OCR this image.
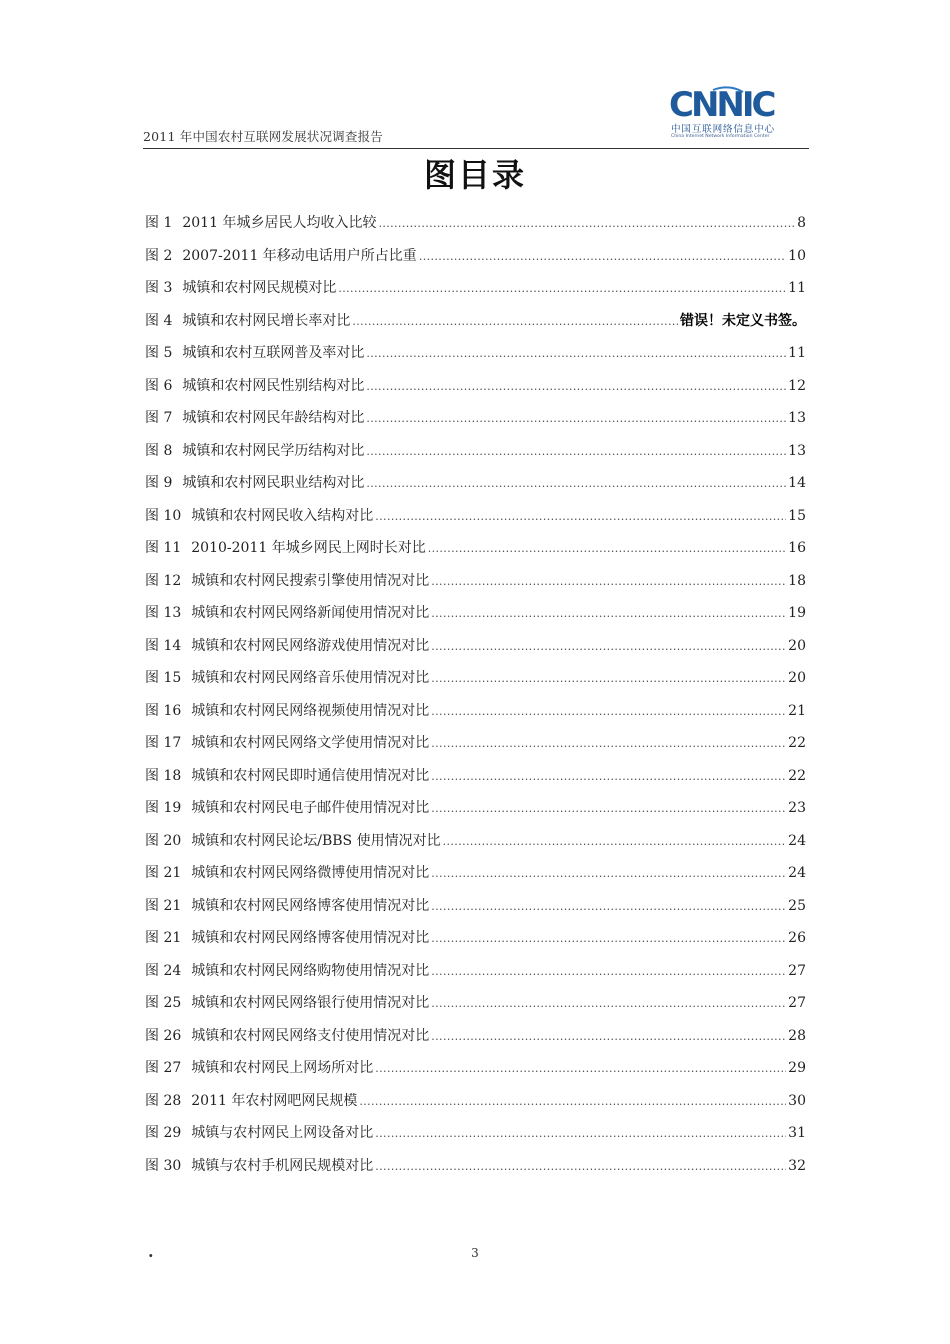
2011 年中国农村互联网发展状况调查报告
CNNIC
中国互联网络信息中心
China Internet Network Information Center
图目录
图 1 2011 年城乡居民人均收入比较 .....	8
图 2 2007-2011 年移动电话用户所占比重 .....	10
图 3 城镇和农村网民规模对比 .....	11
图 4 城镇和农村网民增长率对比 .....	错误！未定义书签。
图 5 城镇和农村互联网普及率对比 .....	11
图 6 城镇和农村网民性别结构对比 .....	12
图 7 城镇和农村网民年龄结构对比 .....	13
图 8 城镇和农村网民学历结构对比 .....	13
图 9 城镇和农村网民职业结构对比 .....	14
图 10 城镇和农村网民收入结构对比 .....	15
图 11 2010-2011 年城乡网民上网时长对比 .....	16
图 12 城镇和农村网民搜索引擎使用情况对比 .....	18
图 13 城镇和农村网民网络新闻使用情况对比 .....	19
图 14 城镇和农村网民网络游戏使用情况对比 .....	20
图 15 城镇和农村网民网络音乐使用情况对比 .....	20
图 16 城镇和农村网民网络视频使用情况对比 .....	21
图 17 城镇和农村网民网络文学使用情况对比 .....	22
图 18 城镇和农村网民即时通信使用情况对比 .....	22
图 19 城镇和农村网民电子邮件使用情况对比 .....	23
图 20 城镇和农村网民论坛/BBS 使用情况对比 .....	24
图 21 城镇和农村网民网络微博使用情况对比 .....	24
图 21 城镇和农村网民网络博客使用情况对比 .....	25
图 21 城镇和农村网民网络博客使用情况对比 .....	26
图 24 城镇和农村网民网络购物使用情况对比 .....	27
图 25 城镇和农村网民网络银行使用情况对比 .....	27
图 26 城镇和农村网民网络支付使用情况对比 .....	28
图 27 城镇和农村网民上网场所对比 .....	29
图 28 2011 年农村网吧网民规模 .....	30
图 29 城镇与农村网民上网设备对比 .....	31
图 30 城镇与农村手机网民规模对比 .....	32
·	3
